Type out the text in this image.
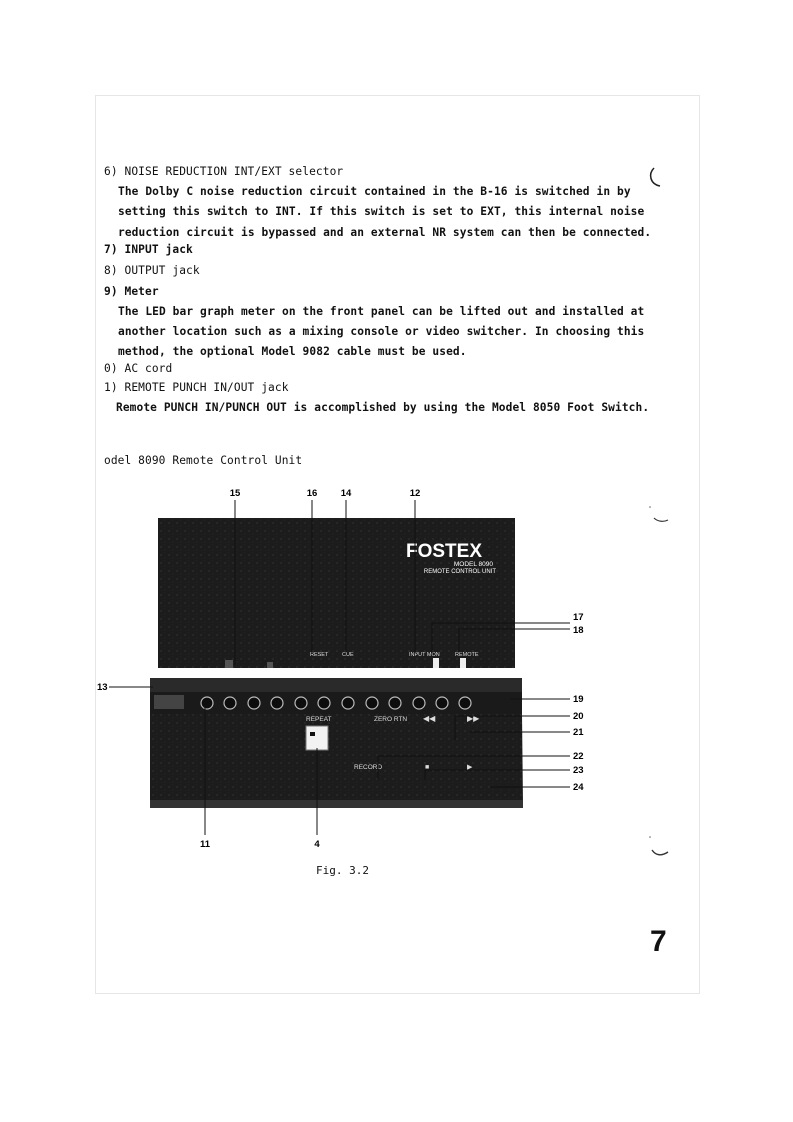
6) NOISE REDUCTION INT/EXT selector
The Dolby C noise reduction circuit contained in the B-16 is switched in by
setting this switch to INT. If this switch is set to EXT, this internal noise
reduction circuit is bypassed and an external NR system can then be connected.
7) INPUT jack
8) OUTPUT jack
9) Meter
The LED bar graph meter on the front panel can be lifted out and installed at
another location such as a mixing console or video switcher. In choosing this
method, the optional Model 9082 cable must be used.
0) AC cord
1) REMOTE PUNCH IN/OUT jack
Remote PUNCH IN/PUNCH OUT is accomplished by using the Model 8050 Foot Switch.
odel 8090 Remote Control Unit
FOSTEX
MODEL 8090
REMOTE CONTROL UNIT
RESET CUE	INPUT MON	REMOTE
REPEAT	ZERO RTN
RECORD
◀◀	▶▶
■	▶
15	16 14	12
13
17
18
19
20
21
22
23
24
11	4
Fig. 3.2
7
